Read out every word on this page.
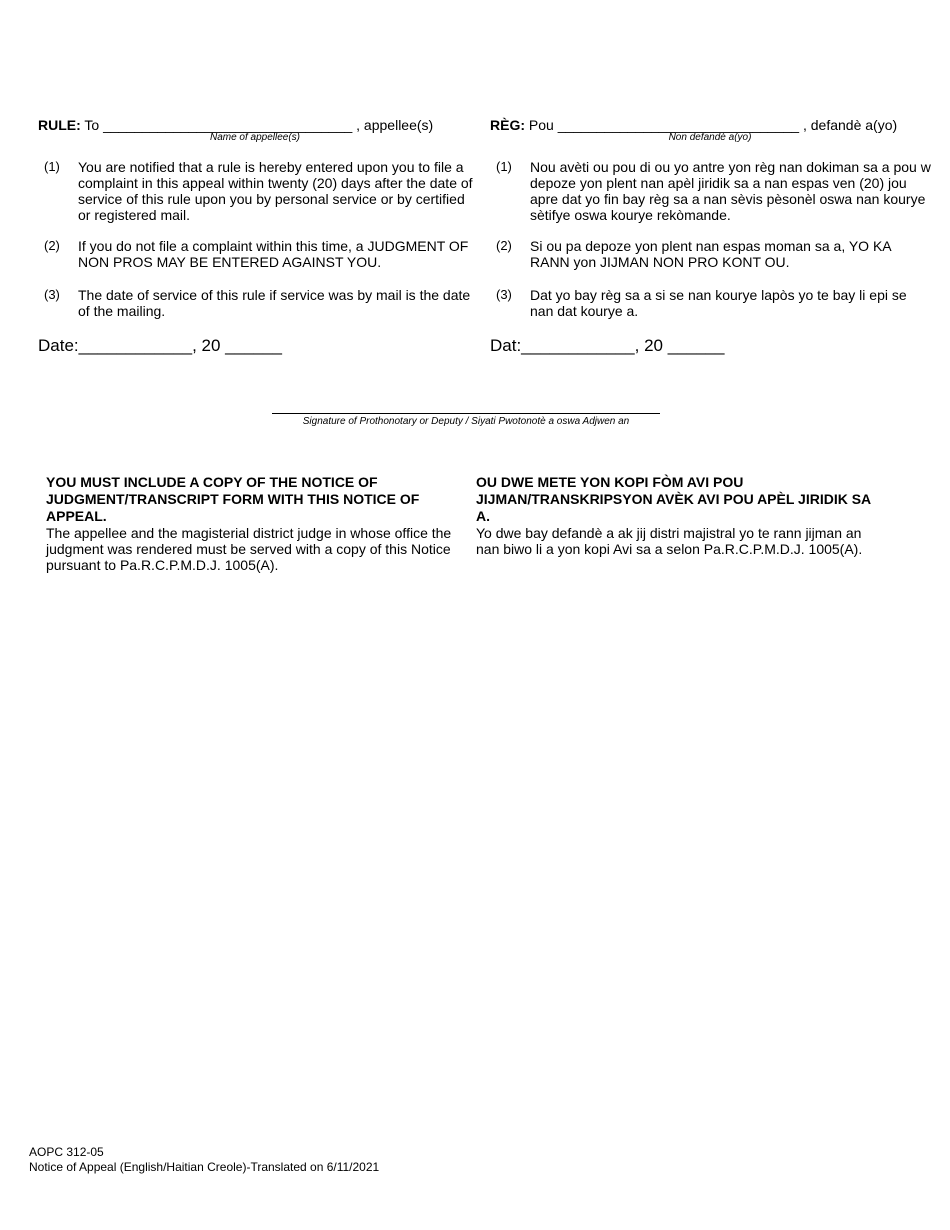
RULE: To ________________________________ , appellee(s)
Name of appellee(s)
RÈG: Pou _______________________________ , defandè a(yo)
Non defandè a(yo)
(1) You are notified that a rule is hereby entered upon you to file a complaint in this appeal within twenty (20) days after the date of service of this rule upon you by personal service or by certified or registered mail.
(2) If you do not file a complaint within this time, a JUDGMENT OF NON PROS MAY BE ENTERED AGAINST YOU.
(3) The date of service of this rule if service was by mail is the date of the mailing.
(1) Nou avèti ou pou di ou yo antre yon règ nan dokiman sa a pou w depoze yon plent nan apèl jiridik sa a nan espas ven (20) jou apre dat yo fin bay règ sa a nan sèvis pèsonèl oswa nan kourye sètifye oswa kourye rekòmande.
(2) Si ou pa depoze yon plent nan espas moman sa a, YO KA RANN yon JIJMAN NON PRO KONT OU.
(3) Dat yo bay règ sa a si se nan kourye lapòs yo te bay li epi se nan dat kourye a.
Date:____________, 20 ______	Dat:____________, 20 ______
Signature of Prothonotary or Deputy / Siyati Pwotonotè a oswa Adjwen an
YOU MUST INCLUDE A COPY OF THE NOTICE OF JUDGMENT/TRANSCRIPT FORM WITH THIS NOTICE OF APPEAL.
The appellee and the magisterial district judge in whose office the judgment was rendered must be served with a copy of this Notice pursuant to Pa.R.C.P.M.D.J. 1005(A).
OU DWE METE YON KOPI FÒM AVI POU JIJMAN/TRANSKRIPSYON AVÈK AVI POU APÈL JIRIDIK SA A.
Yo dwe bay defandè a ak jij distri majistral yo te rann jijman an nan biwo li a yon kopi Avi sa a selon Pa.R.C.P.M.D.J. 1005(A).
AOPC 312-05
Notice of Appeal (English/Haitian Creole)-Translated on 6/11/2021
